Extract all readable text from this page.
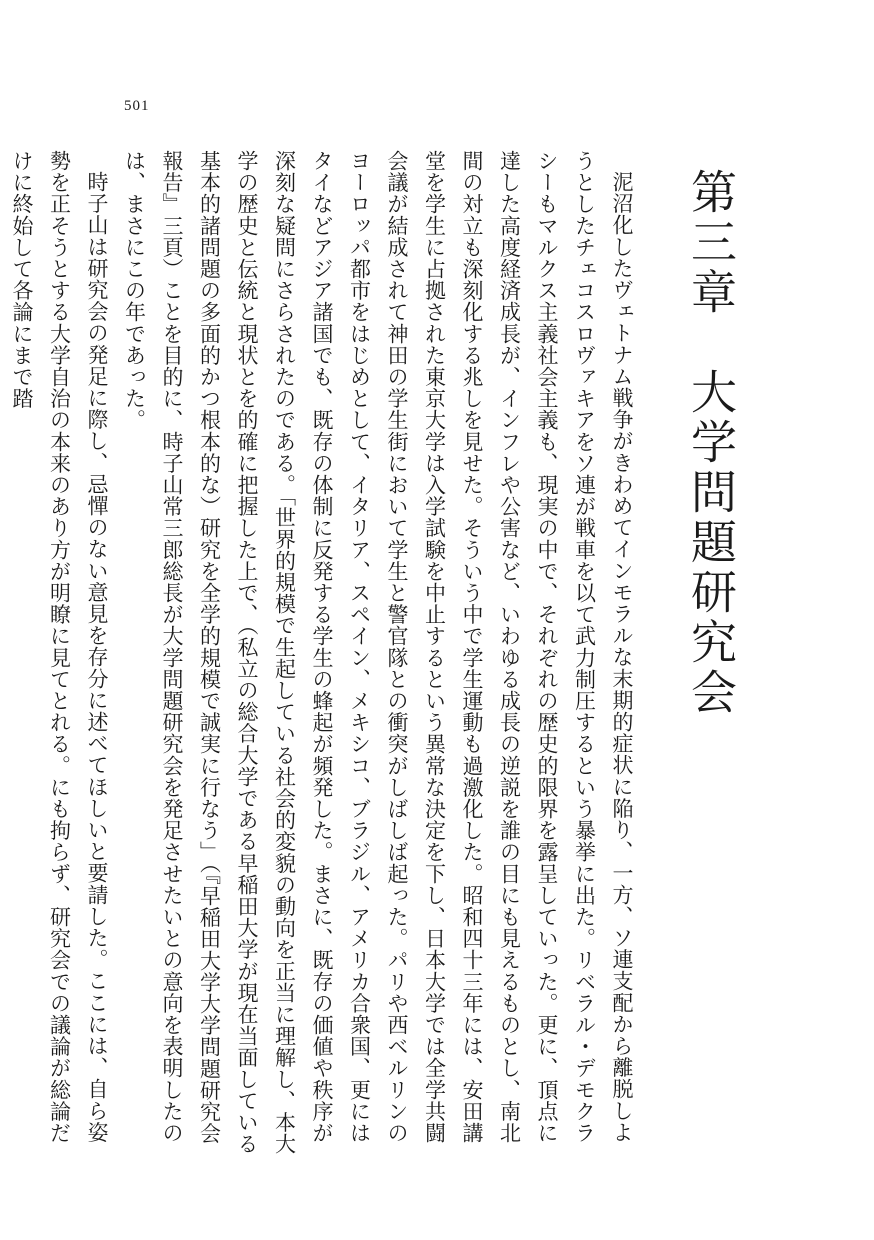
501
第三章　大学問題研究会

泥沼化したヴェトナム戦争がきわめてインモラルな末期的症状に陥り、一方、ソ連支配から離脱しようとしたチェコスロヴァキアをソ連が戦車を以て武力制圧するという暴挙に出た。リベラル・デモクラシーもマルクス主義社会主義も、現実の中で、それぞれの歴史的限界を露呈していった。更に、頂点に達した高度経済成長が、インフレや公害など、いわゆる成長の逆説を誰の目にも見えるものとし、南北間の対立も深刻化する兆しを見せた。そういう中で学生運動も過激化した。昭和四十三年には、安田講堂を学生に占拠された東京大学は入学試験を中止するという異常な決定を下し、日本大学では全学共闘会議が結成されて神田の学生街において学生と警官隊との衝突がしばしば起った。パリや西ベルリンのヨーロッパ都市をはじめとして、イタリア、スペイン、メキシコ、ブラジル、アメリカ合衆国、更にはタイなどアジア諸国でも、既存の体制に反発する学生の蜂起が頻発した。まさに、既存の価値や秩序が深刻な疑問にさらされたのである。「世界的規模で生起している社会的変貌の動向を正当に理解し、本大学の歴史と伝統と現状とを的確に把握した上で、（私立の総合大学である早稲田大学が現在当面している基本的諸問題の多面的かつ根本的な）研究を全学的規模で誠実に行なう」（『早稲田大学大学問題研究会報告』三頁）ことを目的に、時子山常三郎総長が大学問題研究会を発足させたいとの意向を表明したのは、まさにこの年であった。

時子山は研究会の発足に際し、忌憚のない意見を存分に述べてほしいと要請した。ここには、自ら姿勢を正そうとする大学自治の本来のあり方が明瞭に見てとれる。にも拘らず、研究会での議論が総論だけに終始して各論にまで踏
